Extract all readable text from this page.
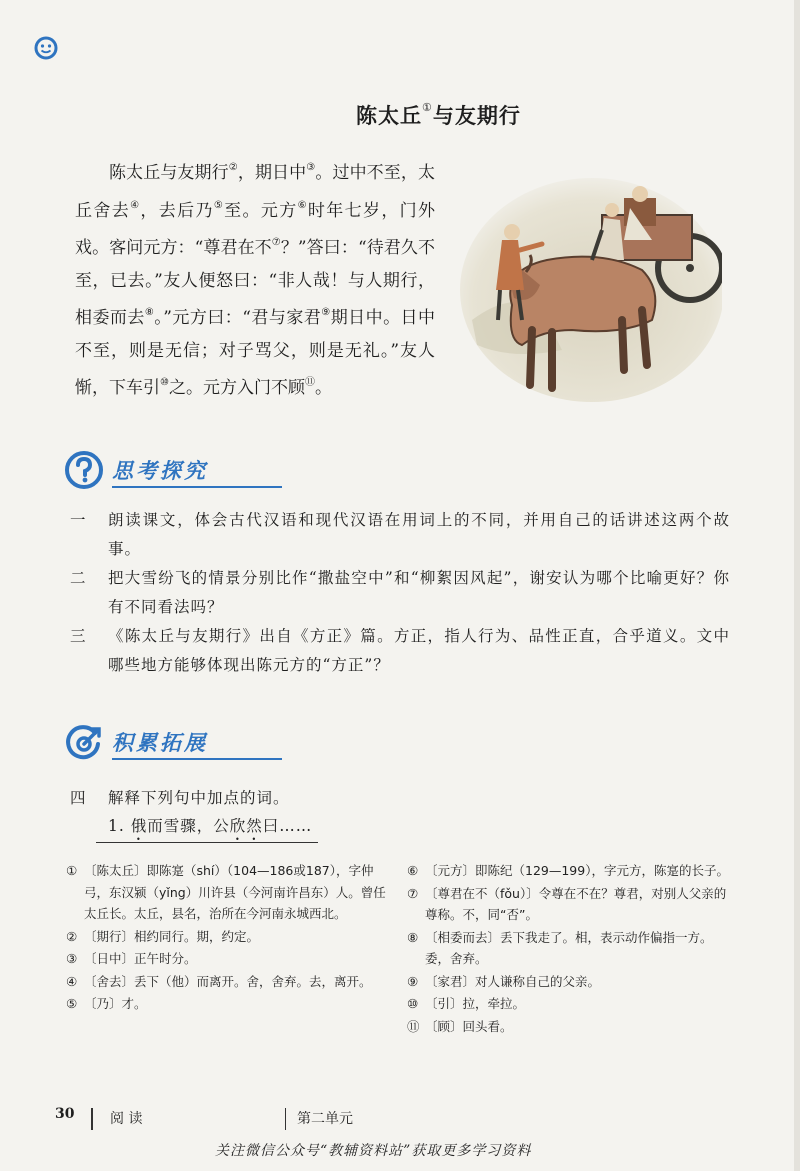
陈太丘①与友期行

陈太丘与友期行②，期日中③。过中不至，太丘舍去④，去后乃⑤至。元方⑥时年七岁，门外戏。客问元方：“尊君在不⑦？”答曰：“待君久不至，已去。”友人便怒曰：“非人哉！与人期行，相委而去⑧。”元方曰：“君与家君⑨期日中。日中不至，则是无信；对子骂父，则是无礼。”友人惭，下车引⑩之。元方入门不顾⑪。

思考探究
一	朗读课文，体会古代汉语和现代汉语在用词上的不同，并用自己的话讲述这两个故事。
二	把大雪纷飞的情景分别比作“撒盐空中”和“柳絮因风起”，谢安认为哪个比喻更好？你有不同看法吗？
三	《陈太丘与友期行》出自《方正》篇。方正，指人行为、品性正直，合乎道义。文中哪些地方能够体现出陈元方的“方正”？
积累拓展
四 解释下列句中加点的词。
1. 俄而雪骤，公欣然曰……
① 〔陈太丘〕即陈寔（shí）（104—186或187），字仲弓，东汉颍（yǐng）川许县（今河南许昌东）人。曾任太丘长。太丘，县名，治所在今河南永城西北。
② 〔期行〕相约同行。期，约定。
③ 〔日中〕正午时分。
④ 〔舍去〕丢下（他）而离开。舍，舍弃。去，离开。
⑤ 〔乃〕才。
⑥ 〔元方〕即陈纪（129—199），字元方，陈寔的长子。
⑦ 〔尊君在不（fǒu）〕令尊在不在？尊君，对别人父亲的尊称。不，同“否”。
⑧ 〔相委而去〕丢下我走了。相，表示动作偏指一方。委，舍弃。
⑨ 〔家君〕对人谦称自己的父亲。
⑩ 〔引〕拉，牵拉。
⑪ 〔顾〕回头看。
30	阅 读	第二单元
关注微信公众号“教辅资料站”获取更多学习资料
